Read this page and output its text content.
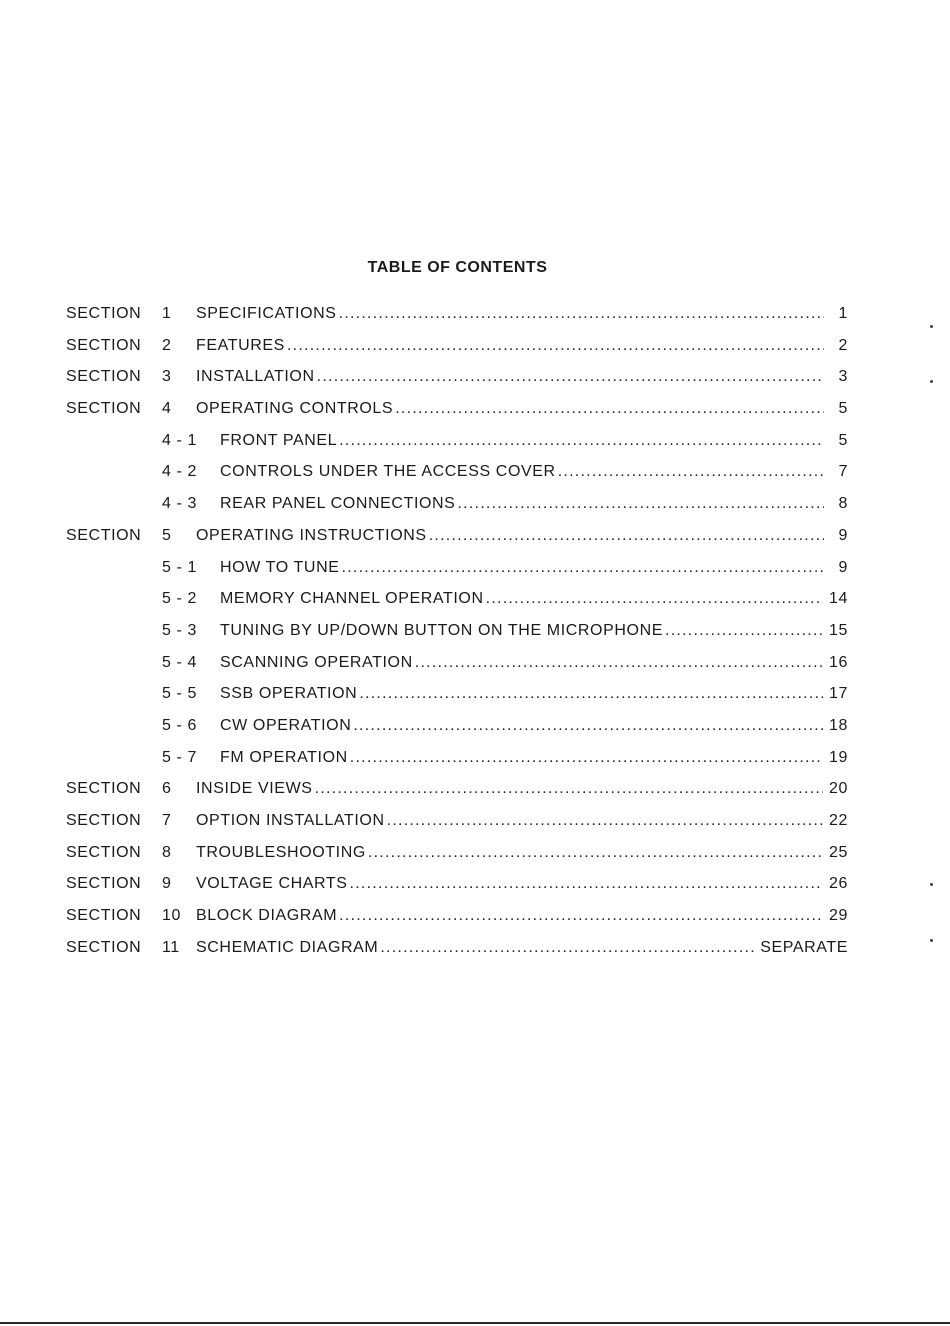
TABLE OF CONTENTS
SECTION	1	SPECIFICATIONS . . .	1
SECTION	2	FEATURES . . .	2
SECTION	3	INSTALLATION . . .	3
SECTION	4	OPERATING CONTROLS . . .	5
4 - 1	FRONT PANEL . . .	5
4 - 2	CONTROLS UNDER THE ACCESS COVER . . .	7
4 - 3	REAR PANEL CONNECTIONS . . .	8
SECTION	5	OPERATING INSTRUCTIONS . . .	9
5 - 1	HOW TO TUNE . . .	9
5 - 2	MEMORY CHANNEL OPERATION . . .	14
5 - 3	TUNING BY UP/DOWN BUTTON ON THE MICROPHONE . . .	15
5 - 4	SCANNING OPERATION . . .	16
5 - 5	SSB OPERATION . . .	17
5 - 6	CW OPERATION . . .	18
5 - 7	FM OPERATION . . .	19
SECTION	6	INSIDE VIEWS . . .	20
SECTION	7	OPTION INSTALLATION . . .	22
SECTION	8	TROUBLESHOOTING . . .	25
SECTION	9	VOLTAGE CHARTS . . .	26
SECTION	10 BLOCK DIAGRAM . . .	29
SECTION	11	SCHEMATIC DIAGRAM . . .	SEPARATE
